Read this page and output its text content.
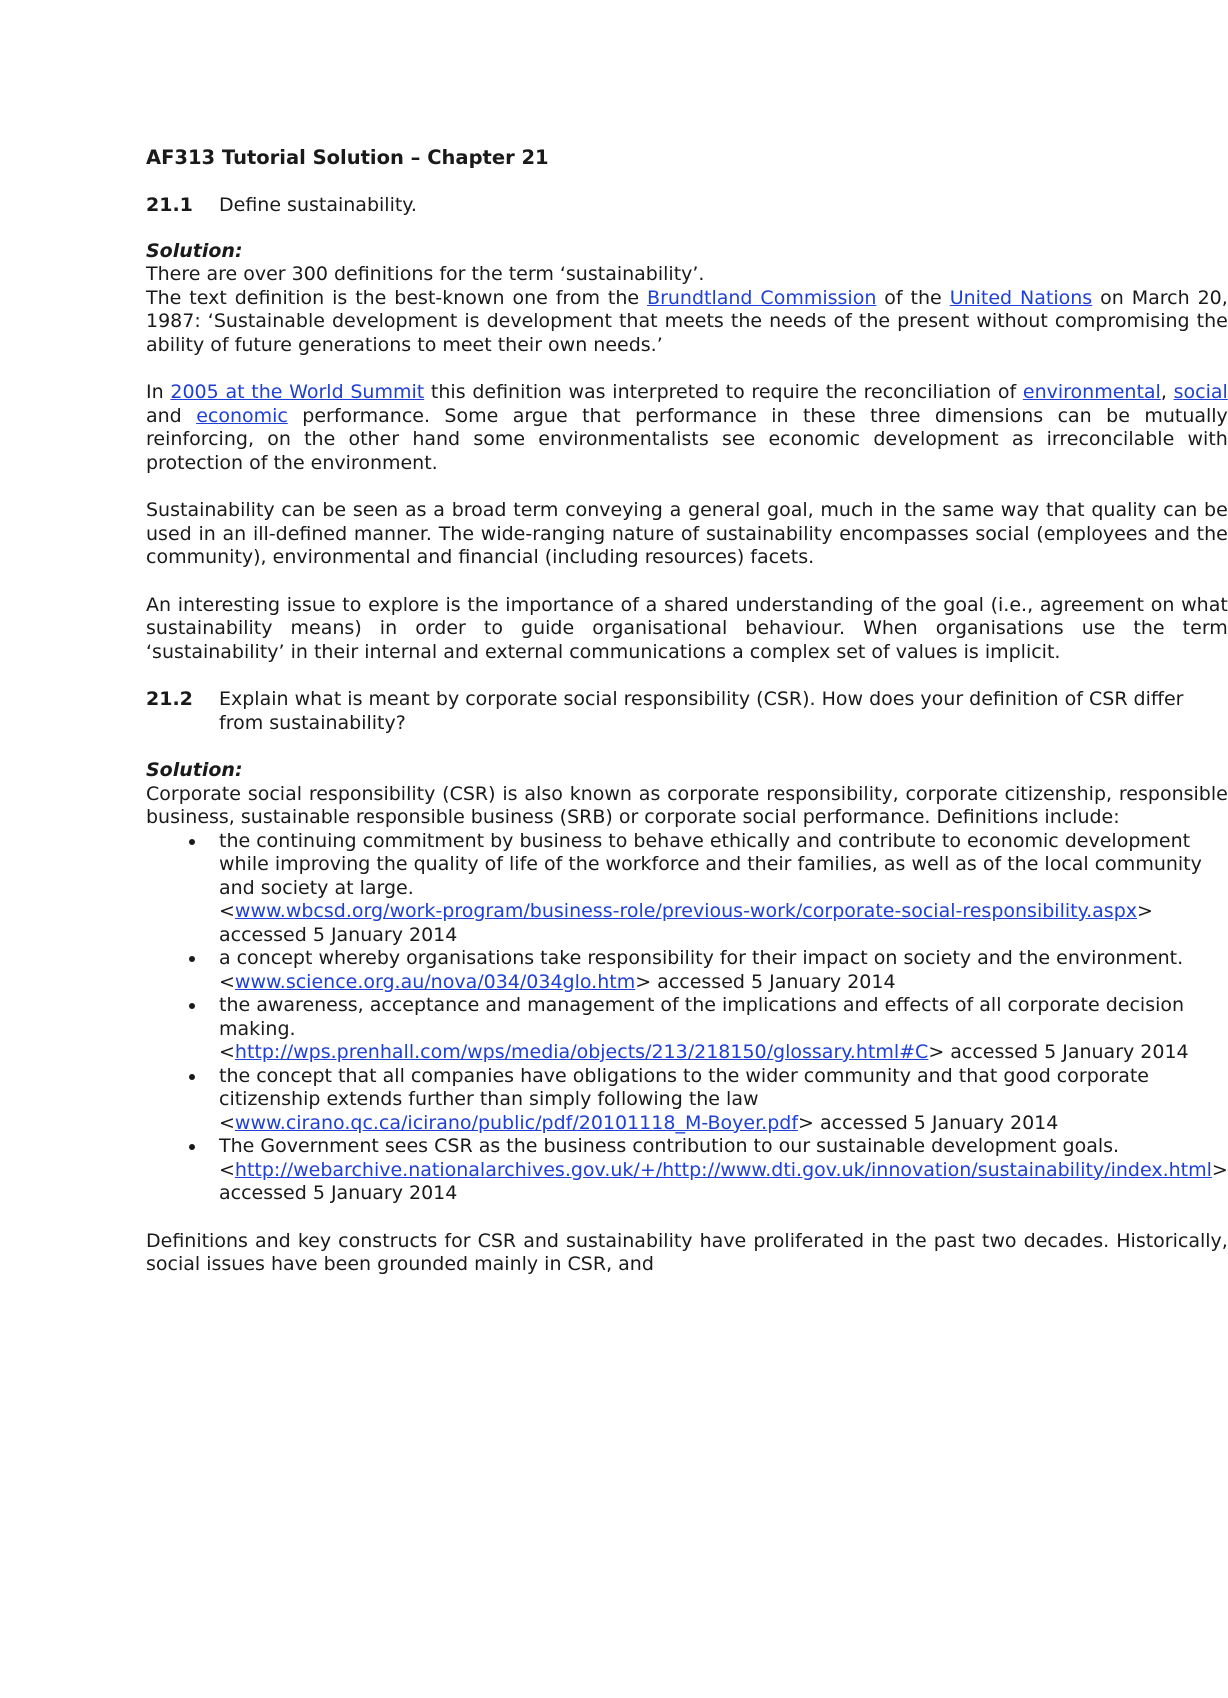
AF313 Tutorial Solution – Chapter 21

21.1	Define sustainability.

Solution:

There are over 300 definitions for the term ‘sustainability’.

The text definition is the best-known one from the Brundtland Commission of the United Nations on March 20, 1987: ‘Sustainable development is development that meets the needs of the present without compromising the ability of future generations to meet their own needs.’

In 2005 at the World Summit this definition was interpreted to require the reconciliation of environmental, social and economic performance. Some argue that performance in these three dimensions can be mutually reinforcing, on the other hand some environmentalists see economic development as irreconcilable with protection of the environment.

Sustainability can be seen as a broad term conveying a general goal, much in the same way that quality can be used in an ill-defined manner. The wide-ranging nature of sustainability encompasses social (employees and the community), environmental and financial (including resources) facets.

An interesting issue to explore is the importance of a shared understanding of the goal (i.e., agreement on what sustainability means) in order to guide organisational behaviour. When organisations use the term ‘sustainability’ in their internal and external communications a complex set of values is implicit.

21.2	Explain what is meant by corporate social responsibility (CSR). How does your definition of CSR differ from sustainability?

Solution:

Corporate social responsibility (CSR) is also known as corporate responsibility, corporate citizenship, responsible business, sustainable responsible business (SRB) or corporate social performance. Definitions include:

the continuing commitment by business to behave ethically and contribute to economic development while improving the quality of life of the workforce and their families, as well as of the local community and society at large.
<www.wbcsd.org/work-program/business-role/previous-work/corporate-social-responsibility.aspx> accessed 5 January 2014
a concept whereby organisations take responsibility for their impact on society and the environment.
<www.science.org.au/nova/034/034glo.htm> accessed 5 January 2014
the awareness, acceptance and management of the implications and effects of all corporate decision making.
<http://wps.prenhall.com/wps/media/objects/213/218150/glossary.html#C> accessed 5 January 2014
the concept that all companies have obligations to the wider community and that good corporate citizenship extends further than simply following the law
<www.cirano.qc.ca/icirano/public/pdf/20101118_M-Boyer.pdf> accessed 5 January 2014
The Government sees CSR as the business contribution to our sustainable development goals.
<http://webarchive.nationalarchives.gov.uk/+/http://www.dti.gov.uk/innovation/sustainability/index.html> accessed 5 January 2014

Definitions and key constructs for CSR and sustainability have proliferated in the past two decades. Historically, social issues have been grounded mainly in CSR, and
